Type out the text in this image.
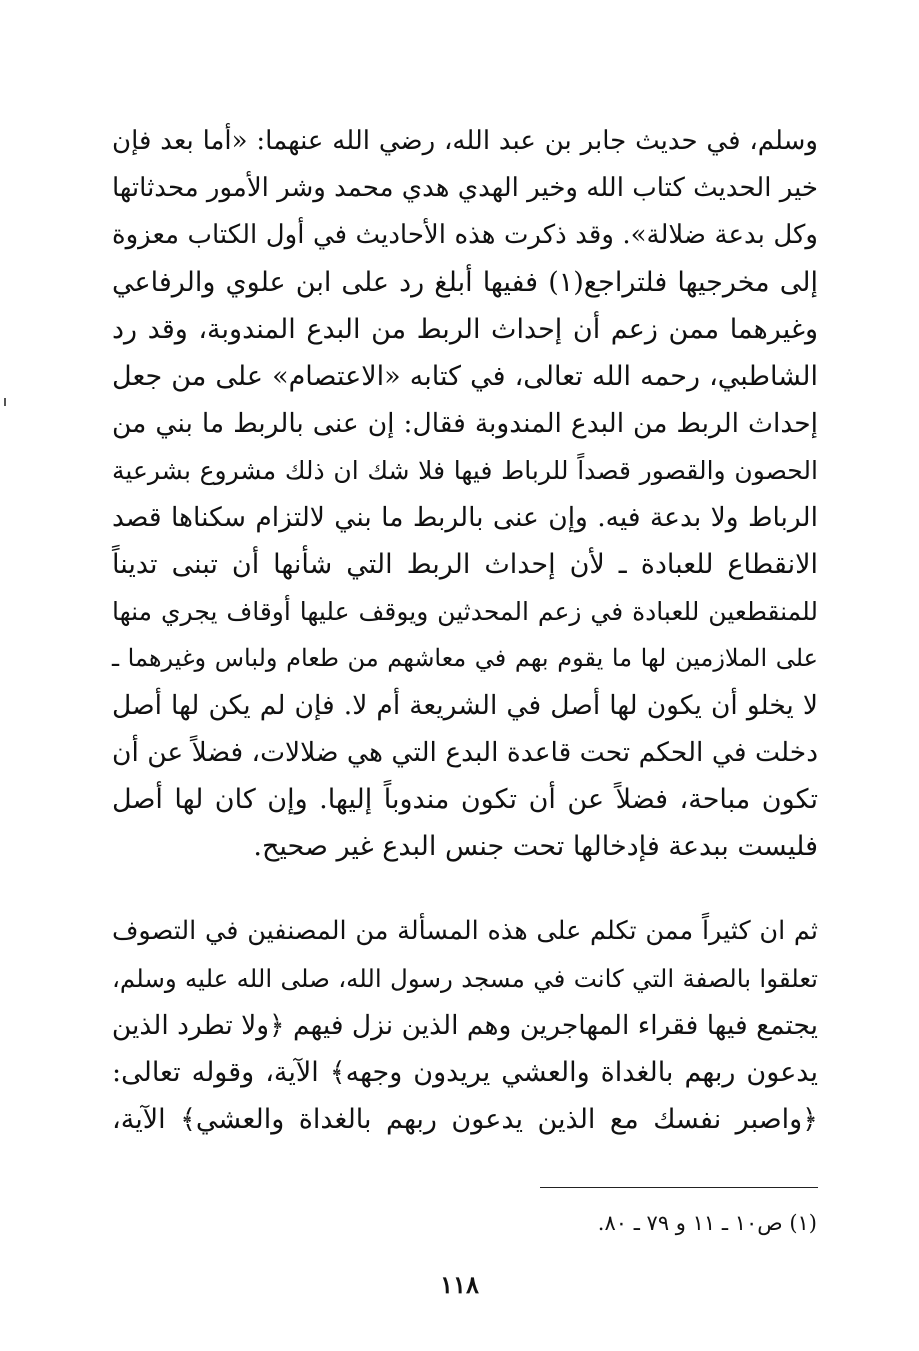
وسلم، في حديث جابر بن عبد الله، رضي الله عنهما: «أما بعد فإن
خير الحديث كتاب الله وخير الهدي هدي محمد وشر الأمور محدثاتها
وكل بدعة ضلالة». وقد ذكرت هذه الأحاديث في أول الكتاب معزوة
إلى مخرجيها فلتراجع(١) ففيها أبلغ رد على ابن علوي والرفاعي
وغيرهما ممن زعم أن إحداث الربط من البدع المندوبة، وقد رد
الشاطبي، رحمه الله تعالى، في كتابه «الاعتصام» على من جعل
إحداث الربط من البدع المندوبة فقال: إن عنى بالربط ما بني من
الحصون والقصور قصداً للرباط فيها فلا شك ان ذلك مشروع بشرعية
الرباط ولا بدعة فيه. وإن عنى بالربط ما بني لالتزام سكناها قصد
الانقطاع للعبادة ـ لأن إحداث الربط التي شأنها أن تبنى تديناً
للمنقطعين للعبادة في زعم المحدثين ويوقف عليها أوقاف يجري منها
على الملازمين لها ما يقوم بهم في معاشهم من طعام ولباس وغيرهما ـ
لا يخلو أن يكون لها أصل في الشريعة أم لا. فإن لم يكن لها أصل
دخلت في الحكم تحت قاعدة البدع التي هي ضلالات، فضلاً عن أن
تكون مباحة، فضلاً عن أن تكون مندوباً إليها. وإن كان لها أصل
فليست ببدعة فإدخالها تحت جنس البدع غير صحيح.
ثم ان كثيراً ممن تكلم على هذه المسألة من المصنفين في التصوف
تعلقوا بالصفة التي كانت في مسجد رسول الله، صلى الله عليه وسلم،
يجتمع فيها فقراء المهاجرين وهم الذين نزل فيهم ﴿ولا تطرد الذين
يدعون ربهم بالغداة والعشي يريدون وجهه﴾ الآية، وقوله تعالى:
﴿واصبر نفسك مع الذين يدعون ربهم بالغداة والعشي﴾ الآية،
(١) ص١٠ ـ ١١ و ٧٩ ـ ٨٠.
١١٨
